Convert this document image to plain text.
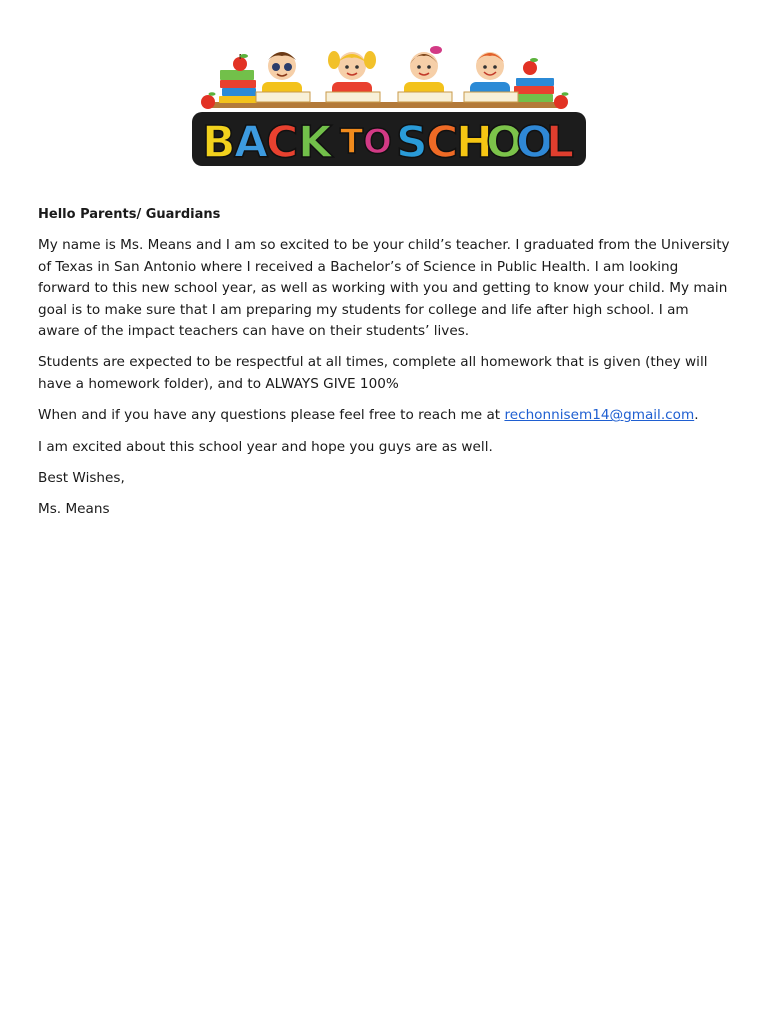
B
A
C K T O S
C
H
O
O
L

Hello Parents/ Guardians

My name is Ms. Means and I am so excited to be your child’s teacher. I graduated from the University of Texas in San Antonio where I received a Bachelor’s of Science in Public Health. I am looking forward to this new school year, as well as working with you and getting to know your child. My main goal is to make sure that I am preparing my students for college and life after high school. I am aware of the impact teachers can have on their students’ lives.

Students are expected to be respectful at all times, complete all homework that is given (they will have a homework folder), and to ALWAYS GIVE 100%

When and if you have any questions please feel free to reach me at rechonnisem14@gmail.com.

I am excited about this school year and hope you guys are as well.

Best Wishes,

Ms. Means
